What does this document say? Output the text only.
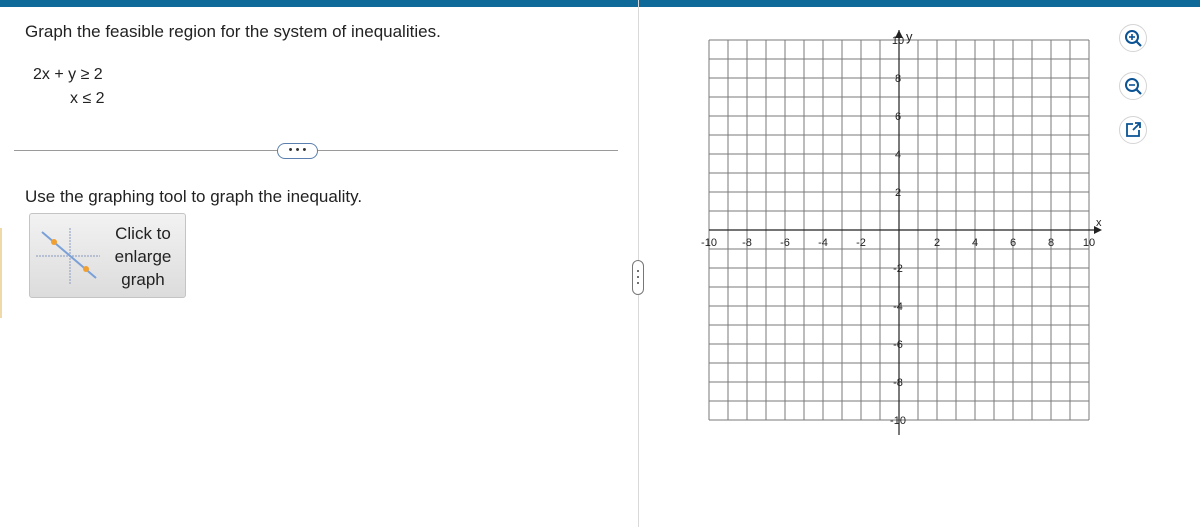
Graph the feasible region for the system of inequalities.
2x + y ≥ 2
x ≤ 2
• • •
Use the graphing tool to graph the inequality.
Click to
enlarge
graph
x
y
-10 -8	-6	-4	-2	2	4	6	8	10
10
8
6
4
2
-2
-4
-6
-8
-10
